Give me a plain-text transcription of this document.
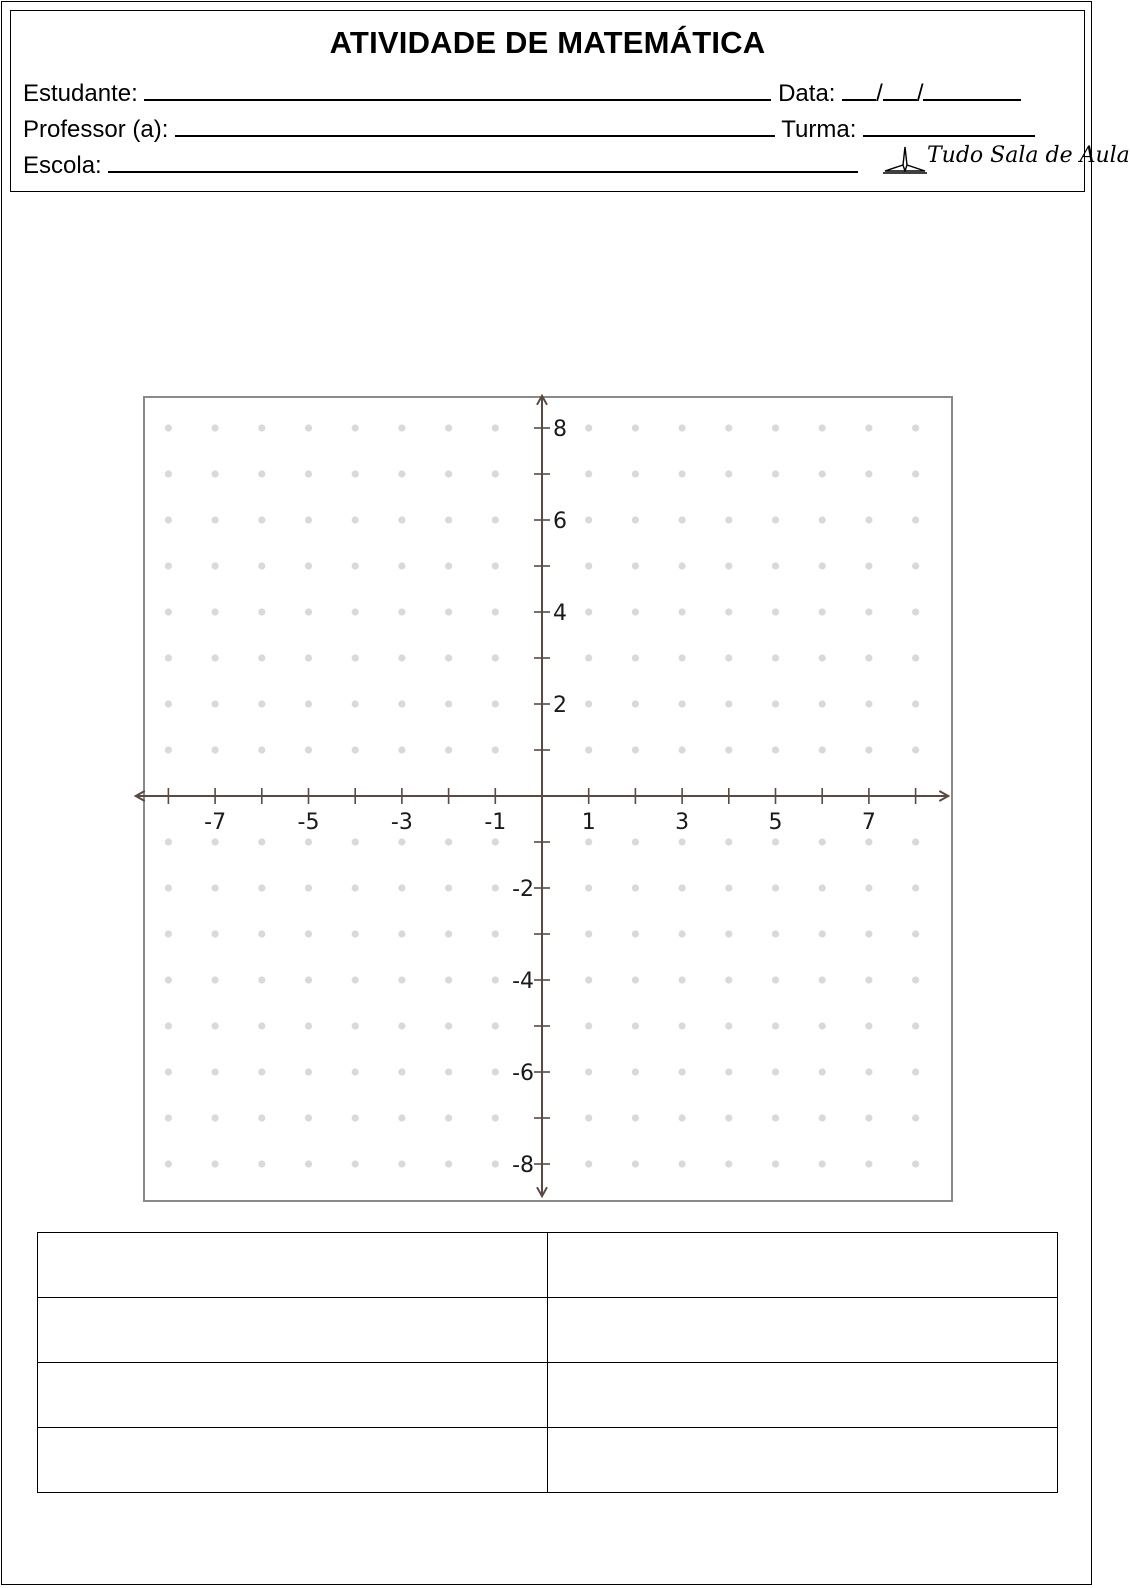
ATIVIDADE DE MATEMÁTICA
Estudante:	Data: / /
Professor (a):	Turma:
Escola:	Tudo Sala de Aula
-7	-5	-3	-1	1	3	5	7
8
6
4
2
-2
-4
-6
-8
